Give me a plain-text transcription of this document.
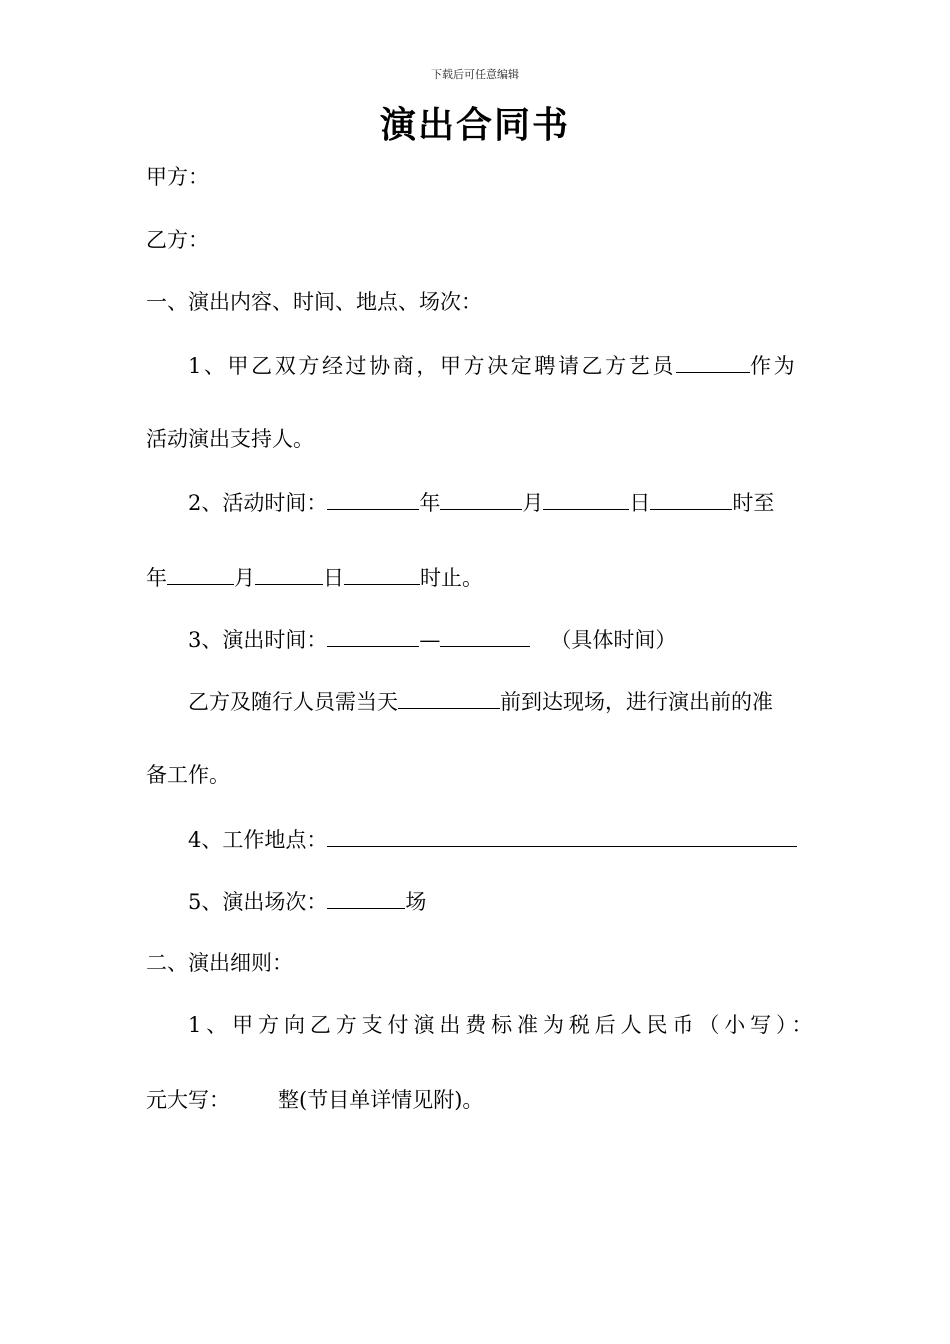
下载后可任意编辑
演出合同书
甲方：
乙方：
一、演出内容、时间、地点、场次：
1、甲乙双方经过协商，甲方决定聘请乙方艺员	作为
活动演出支持人。
2、活动时间：	年	月	日	时至
年	月	日	时止。
3、演出时间：	—	（具体时间）
乙方及随行人员需当天	前到达现场，进行演出前的准
备工作。
4、工作地点：
5、演出场次：	场
二、演出细则：
1、甲方向乙方支付演出费标准为税后人民币（小写）：
元大写： 整(节目单详情见附)。
